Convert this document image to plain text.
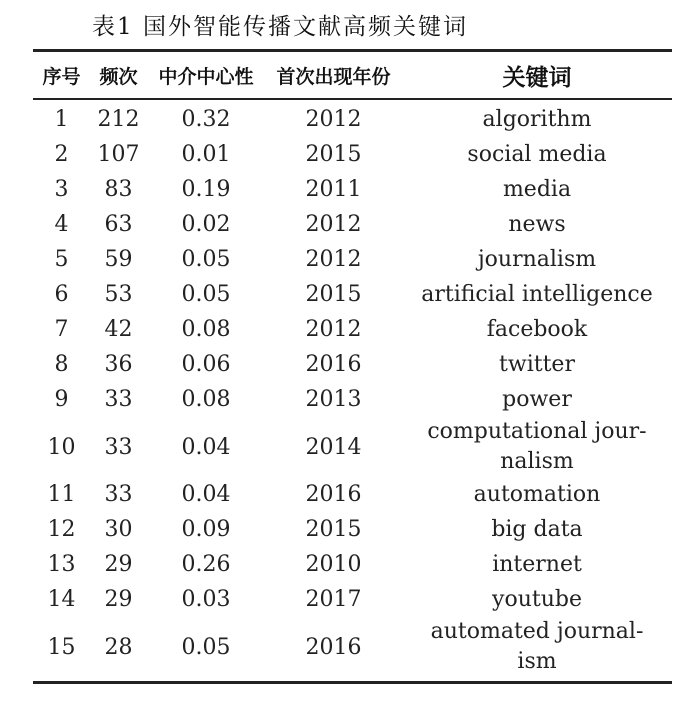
表1 国外智能传播文献高频关键词
序号	频次	中介中心性	首次出现年份	关键词

1	212	0.32	2012	algorithm
2	107	0.01	2015	social media
3	83	0.19	2011	media
4	63	0.02	2012	news
5	59	0.05	2012	journalism
6	53	0.05	2015	artificial intelligence
7	42	0.08	2012	facebook
8	36	0.06	2016	twitter
9	33	0.08	2013	power
10	33	0.04	2014	computational jour-
nalism
11	33	0.04	2016	automation
12	30	0.09	2015	big data
13	29	0.26	2010	internet
14	29	0.03	2017	youtube
15	28	0.05	2016	automated journal-
ism
